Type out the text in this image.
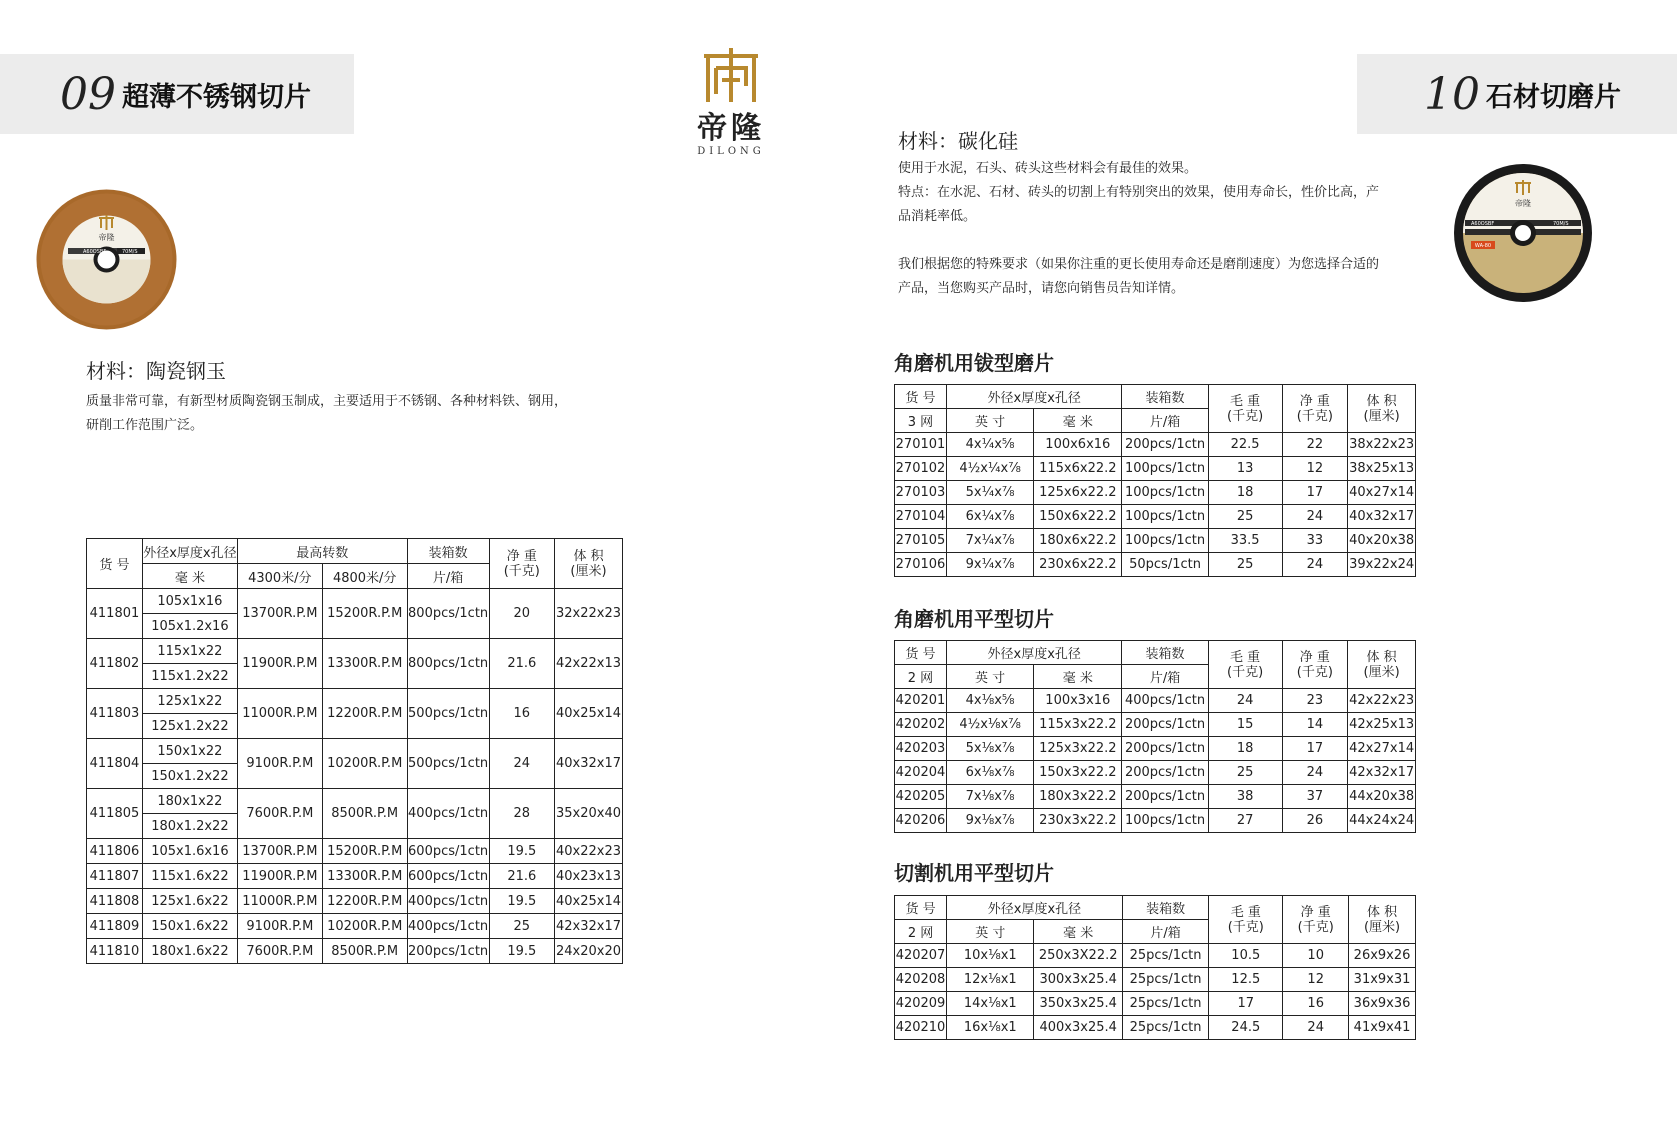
09 超薄不锈钢切片	10 石材切磨片
帝隆
DILONG
帝隆
A60OSBF	70M/S
帝隆
A60OSBF	70M/S
WA-80
材料：陶瓷钢玉
质量非常可靠，有新型材质陶瓷钢玉制成，主要适用于不锈钢、各种材料铁、钢用，
研削工作范围广泛。
货 号	外径x厚度x孔径	最高转数		装箱数	净 重
(千克)	体 积
(厘米)
	毫 米	4300米/分	4800米/分	片/箱		
411801	105x1x16	13700R.P.M	15200R.P.M	800pcs/1ctn	20	32x22x23
	105x1.2x16					
411802	115x1x22	11900R.P.M	13300R.P.M	800pcs/1ctn	21.6	42x22x13
	115x1.2x22					
411803	125x1x22	11000R.P.M	12200R.P.M	500pcs/1ctn	16	40x25x14
	125x1.2x22					
411804	150x1x22	9100R.P.M	10200R.P.M	500pcs/1ctn	24	40x32x17
	150x1.2x22					
411805	180x1x22	7600R.P.M	8500R.P.M	400pcs/1ctn	28	35x20x40
	180x1.2x22					
411806	105x1.6x16	13700R.P.M	15200R.P.M	600pcs/1ctn	19.5	40x22x23
411807	115x1.6x22	11900R.P.M	13300R.P.M	600pcs/1ctn	21.6	40x23x13
411808	125x1.6x22	11000R.P.M	12200R.P.M	400pcs/1ctn	19.5	40x25x14
411809	150x1.6x22	9100R.P.M	10200R.P.M	400pcs/1ctn	25	42x32x17
411810	180x1.6x22	7600R.P.M	8500R.P.M	200pcs/1ctn	19.5	24x20x20
材料：碳化硅
使用于水泥，石头、砖头这些材料会有最佳的效果。
特点：在水泥、石材、砖头的切割上有特别突出的效果，使用寿命长，性价比高，产
品消耗率低。
我们根据您的特殊要求（如果你注重的更长使用寿命还是磨削速度）为您选择合适的
产品，当您购买产品时，请您向销售员告知详情。
角磨机用钹型磨片
角磨机用平型切片
切割机用平型切片
货 号	外径x厚度x孔径		装箱数	毛 重
(千克)	净 重
(千克)	体 积
(厘米)
3 网	英 寸	毫 米	片/箱			
270101	4x¼x⅝	100x6x16	200pcs/1ctn	22.5	22	38x22x23
270102	4½x¼x⅞	115x6x22.2	100pcs/1ctn	13	12	38x25x13
270103	5x¼x⅞	125x6x22.2	100pcs/1ctn	18	17	40x27x14
270104	6x¼x⅞	150x6x22.2	100pcs/1ctn	25	24	40x32x17
270105	7x¼x⅞	180x6x22.2	100pcs/1ctn	33.5	33	40x20x38
270106	9x¼x⅞	230x6x22.2	50pcs/1ctn	25	24	39x22x24
货 号	外径x厚度x孔径		装箱数	毛 重
(千克)	净 重
(千克)	体 积
(厘米)
2 网	英 寸	毫 米	片/箱			
420201	4x⅛x⅝	100x3x16	400pcs/1ctn	24	23	42x22x23
420202	4½x⅛x⅞	115x3x22.2	200pcs/1ctn	15	14	42x25x13
420203	5x⅛x⅞	125x3x22.2	200pcs/1ctn	18	17	42x27x14
420204	6x⅛x⅞	150x3x22.2	200pcs/1ctn	25	24	42x32x17
420205	7x⅛x⅞	180x3x22.2	200pcs/1ctn	38	37	44x20x38
420206	9x⅛x⅞	230x3x22.2	100pcs/1ctn	27	26	44x24x24
货 号	外径x厚度x孔径		装箱数	毛 重
(千克)	净 重
(千克)	体 积
(厘米)
2 网	英 寸	毫 米	片/箱			
420207	10x⅛x1	250x3X22.2	25pcs/1ctn	10.5	10	26x9x26
420208	12x⅛x1	300x3x25.4	25pcs/1ctn	12.5	12	31x9x31
420209	14x⅛x1	350x3x25.4	25pcs/1ctn	17	16	36x9x36
420210	16x⅛x1	400x3x25.4	25pcs/1ctn	24.5	24	41x9x41
